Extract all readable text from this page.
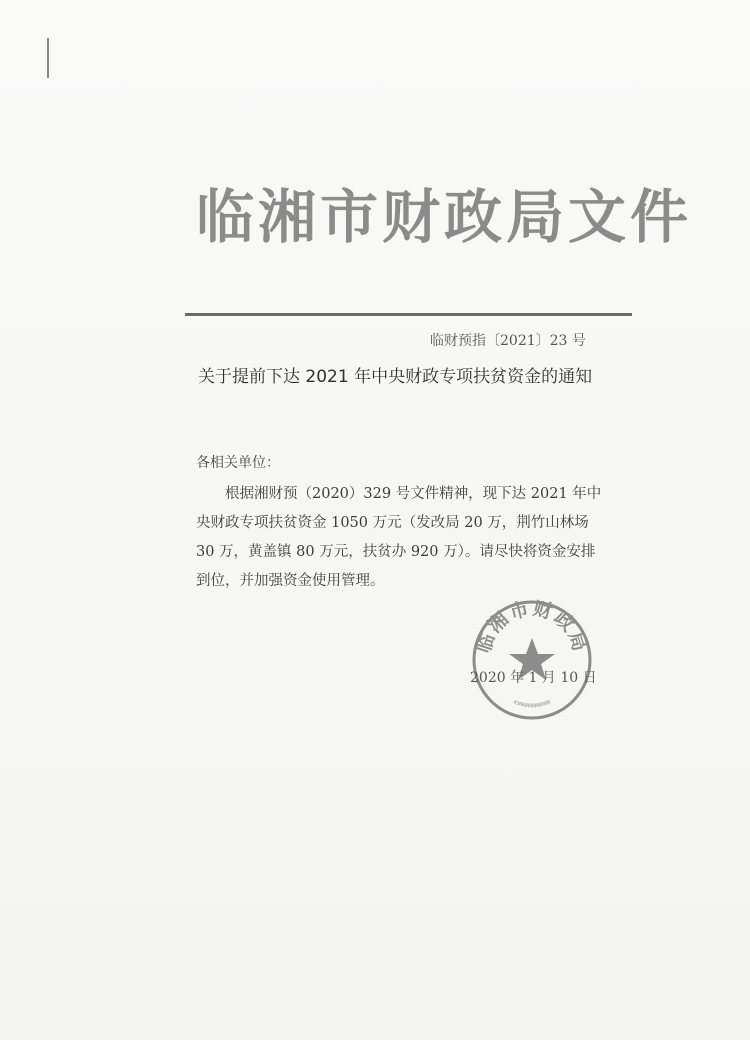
临湘市财政局文件
临财预指〔2021〕23 号
关于提前下达 2021 年中央财政专项扶贫资金的通知
各相关单位：

根据湘财预（2020）329 号文件精神，现下达 2021 年中央财政专项扶贫资金 1050 万元（发改局 20 万，荆竹山林场 30 万，黄盖镇 80 万元，扶贫办 920 万）。请尽快将资金安排到位，并加强资金使用管理。

临湘市财政局
4306000000000
2020 年 1 月 10 日
